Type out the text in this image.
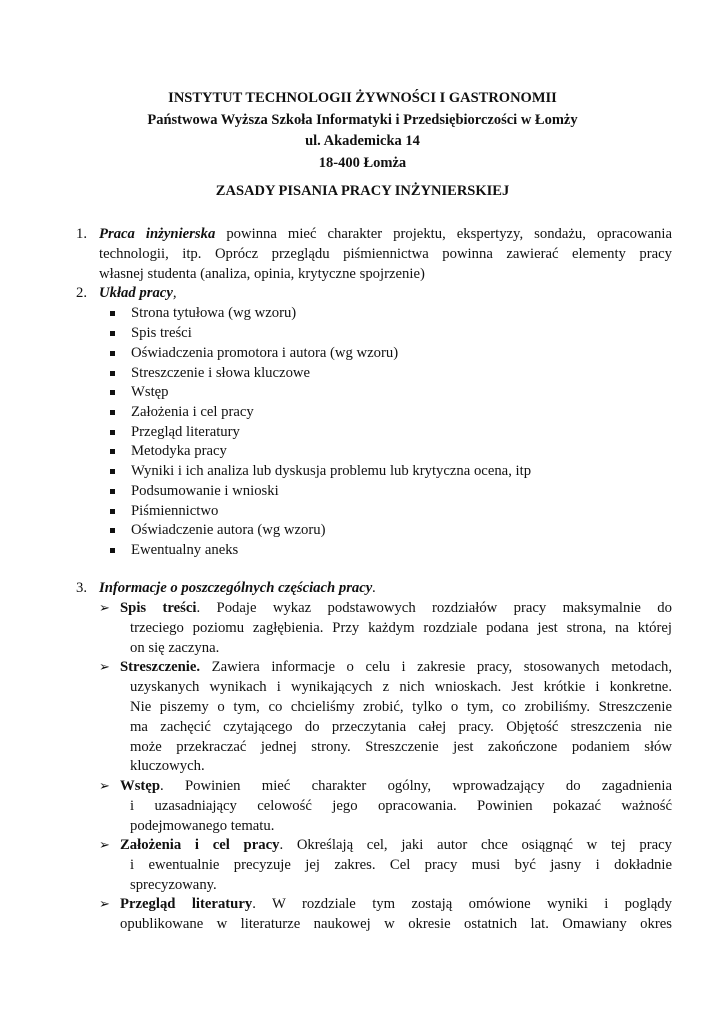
INSTYTUT TECHNOLOGII ŻYWNOŚCI I GASTRONOMII
Państwowa Wyższa Szkoła Informatyki i Przedsiębiorczości w Łomży
ul. Akademicka 14
18-400 Łomża
ZASADY PISANIA PRACY INŻYNIERSKIEJ
1. Praca inżynierska powinna mieć charakter projektu, ekspertyzy, sondażu, opracowania
technologii, itp. Oprócz przeglądu piśmiennictwa powinna zawierać elementy pracy
własnej studenta (analiza, opinia, krytyczne spojrzenie)
2. Układ pracy,
Strona tytułowa (wg wzoru)
Spis treści
Oświadczenia promotora i autora (wg wzoru)
Streszczenie i słowa kluczowe
Wstęp
Założenia i cel pracy
Przegląd literatury
Metodyka pracy
Wyniki i ich analiza lub dyskusja problemu lub krytyczna ocena, itp
Podsumowanie i wnioski
Piśmiennictwo
Oświadczenie autora (wg wzoru)
Ewentualny aneks
3. Informacje o poszczególnych częściach pracy.
➢ Spis treści. Podaje wykaz podstawowych rozdziałów pracy maksymalnie do
trzeciego poziomu zagłębienia. Przy każdym rozdziale podana jest strona, na której
on się zaczyna.
➢ Streszczenie. Zawiera informacje o celu i zakresie pracy, stosowanych metodach,
uzyskanych wynikach i wynikających z nich wnioskach. Jest krótkie i konkretne.
Nie piszemy o tym, co chcieliśmy zrobić, tylko o tym, co zrobiliśmy. Streszczenie
ma zachęcić czytającego do przeczytania całej pracy. Objętość streszczenia nie
może przekraczać jednej strony. Streszczenie jest zakończone podaniem słów
kluczowych.
➢ Wstęp. Powinien mieć charakter ogólny, wprowadzający do zagadnienia
i uzasadniający celowość jego opracowania. Powinien pokazać ważność
podejmowanego tematu.
➢ Założenia i cel pracy. Określają cel, jaki autor chce osiągnąć w tej pracy
i ewentualnie precyzuje jej zakres. Cel pracy musi być jasny i dokładnie
sprecyzowany.
➢ Przegląd literatury. W rozdziale tym zostają omówione wyniki i poglądy
opublikowane w literaturze naukowej w okresie ostatnich lat. Omawiany okres
